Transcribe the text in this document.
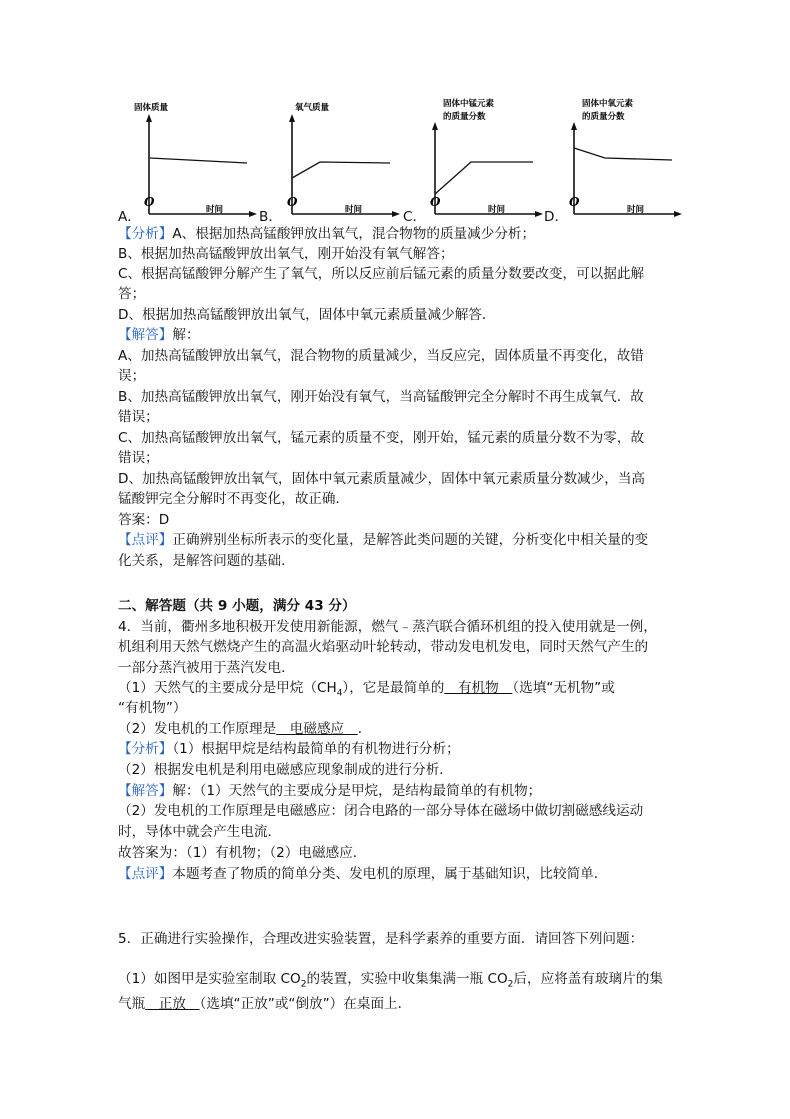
固体质量
O
时间
A．
氧气质量
O
时间
B．
固体中锰元素
的质量分数
O
时间
C．
固体中氧元素
的质量分数
O
时间
D．
【分析】A、根据加热高锰酸钾放出氧气，混合物物的质量减少分析；
B、根据加热高锰酸钾放出氧气，刚开始没有氧气解答；
C、根据高锰酸钾分解产生了氧气，所以反应前后锰元素的质量分数要改变，可以据此解
答；
D、根据加热高锰酸钾放出氧气，固体中氧元素质量减少解答．
【解答】解：
A、加热高锰酸钾放出氧气，混合物物的质量减少，当反应完，固体质量不再变化，故错
误；
B、加热高锰酸钾放出氧气，刚开始没有氧气，当高锰酸钾完全分解时不再生成氧气．故
错误；
C、加热高锰酸钾放出氧气，锰元素的质量不变，刚开始，锰元素的质量分数不为零，故
错误；
D、加热高锰酸钾放出氧气，固体中氧元素质量减少，固体中氧元素质量分数减少，当高
锰酸钾完全分解时不再变化，故正确．
答案：D
【点评】正确辨别坐标所表示的变化量，是解答此类问题的关键，分析变化中相关量的变
化关系，是解答问题的基础．
二、解答题（共 9 小题，满分 43 分）
4．当前，衢州多地积极开发使用新能源，燃气﹣蒸汽联合循环机组的投入使用就是一例，
机组利用天然气燃烧产生的高温火焰驱动叶轮转动，带动发电机发电，同时天然气产生的
一部分蒸汽被用于蒸汽发电．
（1）天然气的主要成分是甲烷$(CH_4)$，它是最简单的　有机物　（选填“无机物”或
“有机物”）
（2）发电机的工作原理是　电磁感应　．
【分析】（1）根据甲烷是结构最简单的有机物进行分析；
（2）根据发电机是利用电磁感应现象制成的进行分析．
【解答】解：（1）天然气的主要成分是甲烷，是结构最简单的有机物；
（2）发电机的工作原理是电磁感应：闭合电路的一部分导体在磁场中做切割磁感线运动
时，导体中就会产生电流．
故答案为：（1）有机物；（2）电磁感应．
【点评】本题考查了物质的简单分类、发电机的原理，属于基础知识，比较简单．
5．正确进行实验操作，合理改进实验装置，是科学素养的重要方面．请回答下列问题：
（1）如图甲是实验室制取 $CO_2$的装置，实验中收集集满一瓶 $CO_2$后，应将盖有玻璃片的集
气瓶　正放　（选填“正放”或“倒放”）在桌面上．
